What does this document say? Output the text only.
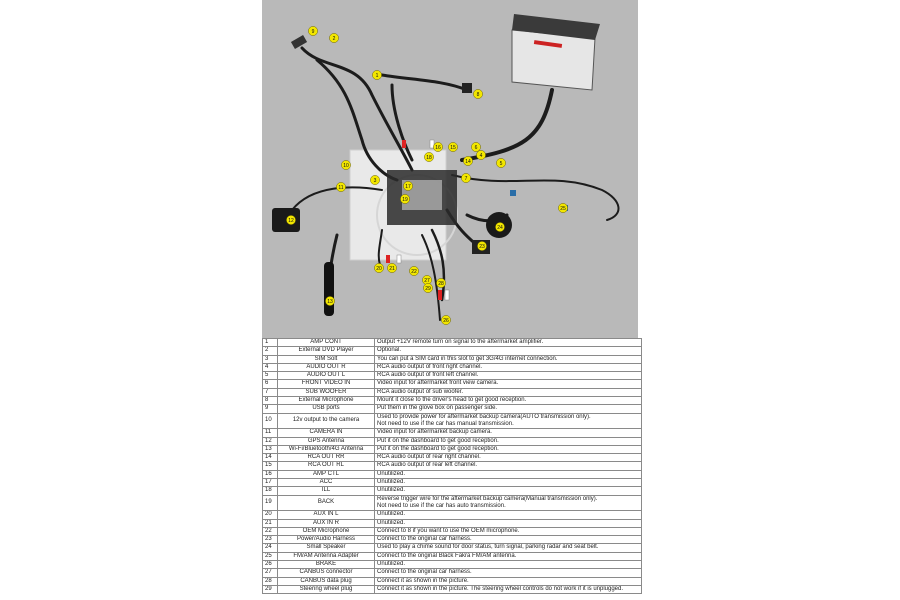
1
2
3
4
5
6
7
8
9
10
11
12
13
14
15
16
17
18
19
20 21	22
23
24
25
26
27 28
29
1	AMP CONT	Output +12V remote turn on signal to the aftermarket amplifier.

2	External DVD Player	Optional.

3	SIM Solt	You can put a SIM card in this slot to get 3G/4G internet connection.

4	AUDIO OUT R	RCA audio output of front right channel.

5	AUDIO OUT L	RCA audio output of front left channel.

6	FRONT VIDEO IN	Video input for aftermarket front view camera.

7	SUB WOOFER	RCA audio output of sub woofer.

8	External Microphone	Mount it close to the driver's head to get good reception.

9	USB ports	Put them in the glove box on passenger side.

10	12v output to the camera	Used to provide power for aftermarket backup camera(AUTO transmission only).
Not need to use if the car has manual transmission.

11	CAMERA IN	Video input for aftermarket backup camera.

12	GPS Antenna	Put it on the dashboard to get good reception.

13	Wi-Fi/Bluetooth/4G Antenna	Put it on the dashboard to get good reception.

14	RCA OUT RR	RCA audio output of rear right channel.

15	RCA OUT RL	RCA audio output of rear left channel.

16	AMP CTL	Unutilized.

17	ACC	Unutilized.

18	ILL	Unutilized.

19	BACK	Reverse trigger wire for the aftermarket backup camera(Manual transmission only).
Not need to use if the car has auto transmission.

20	AUX IN L	Unutilized.

21	AUX IN R	Unutilized.

22	OEM Microphone	Connect to 8 if you want to use the OEM microphone.

23	Power/Audio Harness	Connect to the original car harness.

24	Small Speaker	Used to play a chime sound for door status, turn signal, parking radar and seat belt.

25	FM/AM Antenna Adapter	Connect to the original Black Fakra FM/AM antenna.

26	BRAKE	Unutilized.

27	CANBUS connector	Connect to the original car harness.

28	CANBUS data plug	Connect it as shown in the picture.

29	Steering wheel plug	Connect it as shown in the picture. The steering wheel controls do not work if it is unplugged.
